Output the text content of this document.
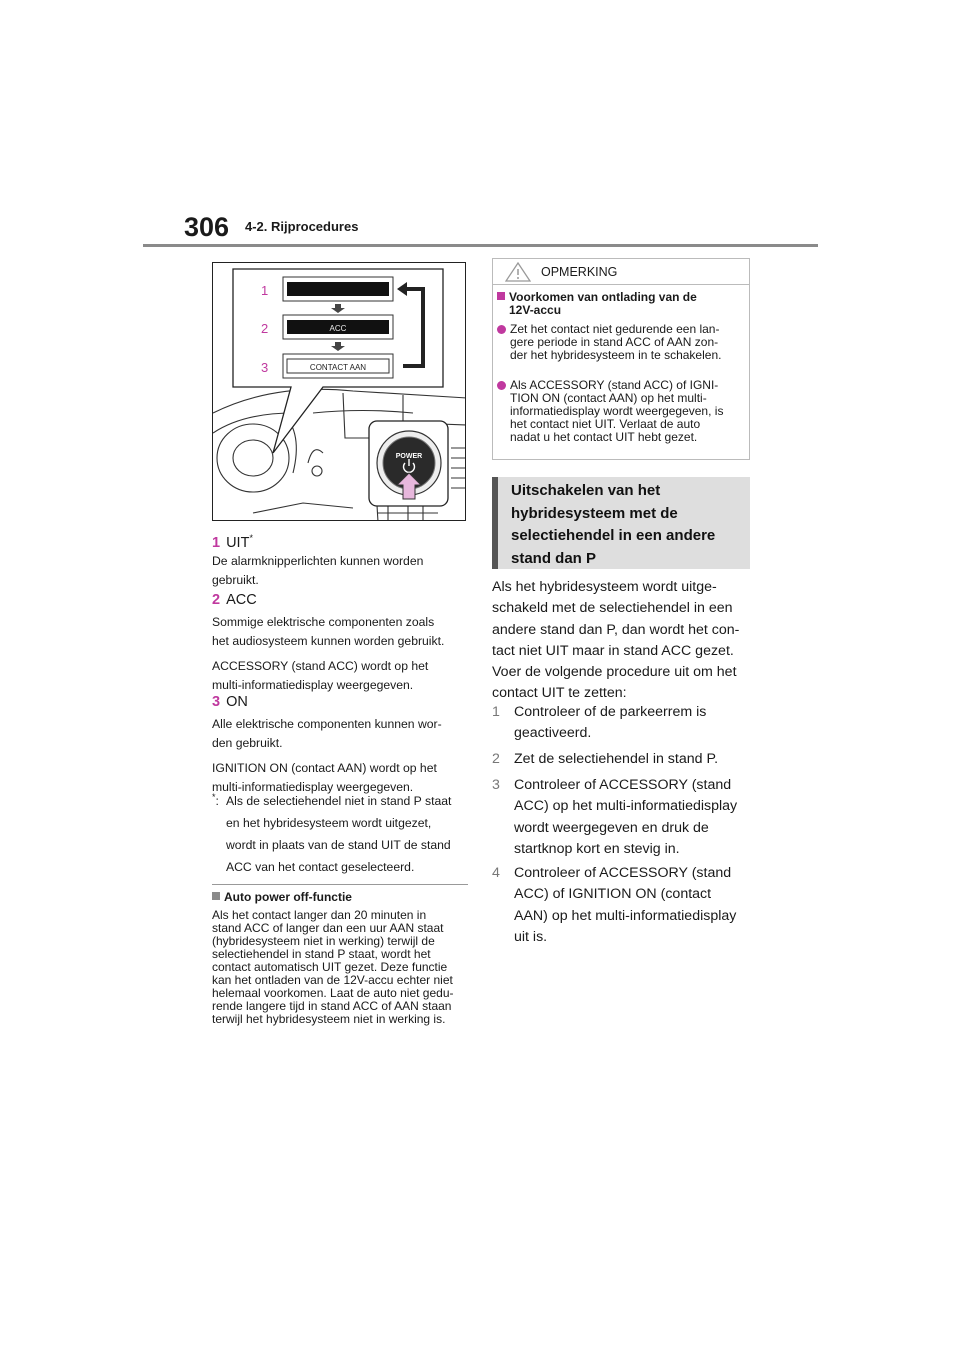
306 4-2. Rijprocedures
ACC
CONTACT AAN
1
2
3
POWER
1 UIT*
De alarmknipperlichten kunnen worden
gebruikt.
2 ACC
Sommige elektrische componenten zoals
het audiosysteem kunnen worden gebruikt.
ACCESSORY (stand ACC) wordt op het
multi-informatiedisplay weergegeven.
3 ON
Alle elektrische componenten kunnen wor-
den gebruikt.
IGNITION ON (contact AAN) wordt op het
multi-informatiedisplay weergegeven.
*: Als de selectiehendel niet in stand P staat
en het hybridesysteem wordt uitgezet,
wordt in plaats van de stand UIT de stand
ACC van het contact geselecteerd.
Auto power off-functie
Als het contact langer dan 20 minuten in
stand ACC of langer dan een uur AAN staat
(hybridesysteem niet in werking) terwijl de
selectiehendel in stand P staat, wordt het
contact automatisch UIT gezet. Deze functie
kan het ontladen van de 12V-accu echter niet
helemaal voorkomen. Laat de auto niet gedu-
rende langere tijd in stand ACC of AAN staan
terwijl het hybridesysteem niet in werking is.
OPMERKING
Voorkomen van ontlading van de
12V-accu
Zet het contact niet gedurende een lan-
gere periode in stand ACC of AAN zon-
der het hybridesysteem in te schakelen.
Als ACCESSORY (stand ACC) of IGNI-
TION ON (contact AAN) op het multi-
informatiedisplay wordt weergegeven, is
het contact niet UIT. Verlaat de auto
nadat u het contact UIT hebt gezet.
Uitschakelen van het
hybridesysteem met de
selectiehendel in een andere
stand dan P
Als het hybridesysteem wordt uitge-
schakeld met de selectiehendel in een
andere stand dan P, dan wordt het con-
tact niet UIT maar in stand ACC gezet.
Voer de volgende procedure uit om het
contact UIT te zetten:
1 Controleer of de parkeerrem is
geactiveerd.
2 Zet de selectiehendel in stand P.
3 Controleer of ACCESSORY (stand
ACC) op het multi-informatiedisplay
wordt weergegeven en druk de
startknop kort en stevig in.
4 Controleer of ACCESSORY (stand
ACC) of IGNITION ON (contact
AAN) op het multi-informatiedisplay
uit is.
